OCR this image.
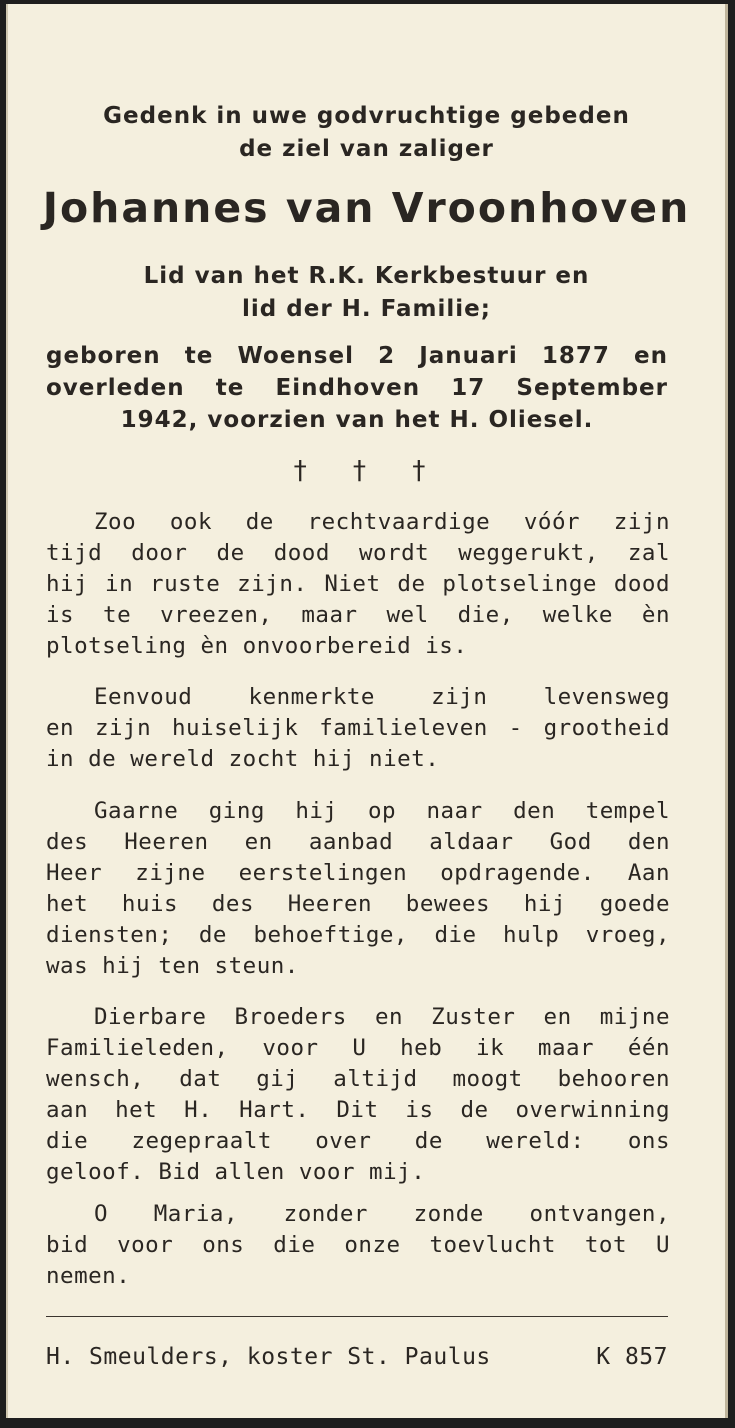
Gedenk in uwe godvruchtige gebeden
de ziel van zaliger
Johannes van Vroonhoven
Lid van het R.K. Kerkbestuur en
lid der H. Familie;
geboren te Woensel 2 Januari 1877 en
overleden te Eindhoven 17 September
1942, voorzien van het H. Oliesel.
† † †
Zoo ook de rechtvaardige vóór zijn
tijd door de dood wordt weggerukt, zal
hij in ruste zijn. Niet de plotselinge dood
is te vreezen, maar wel die, welke èn
plotseling èn onvoorbereid is.
Eenvoud kenmerkte zijn levensweg
en zijn huiselijk familieleven - grootheid
in de wereld zocht hij niet.
Gaarne ging hij op naar den tempel
des Heeren en aanbad aldaar God den
Heer zijne eerstelingen opdragende. Aan
het huis des Heeren bewees hij goede
diensten; de behoeftige, die hulp vroeg,
was hij ten steun.
Dierbare Broeders en Zuster en mijne
Familieleden, voor U heb ik maar één
wensch, dat gij altijd moogt behooren
aan het H. Hart. Dit is de overwinning
die zegepraalt over de wereld: ons
geloof. Bid allen voor mij.
O Maria, zonder zonde ontvangen,
bid voor ons die onze toevlucht tot U
nemen.
H. Smeulders, koster St. Paulus	K 857
